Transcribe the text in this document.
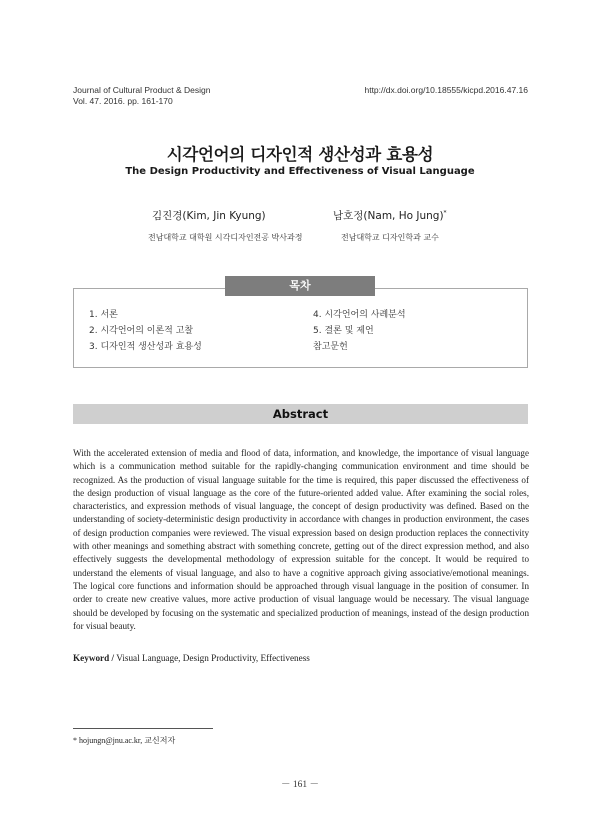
Journal of Cultural Product & Design
Vol. 47. 2016. pp. 161-170
http://dx.doi.org/10.18555/kicpd.2016.47.16
시각언어의 디자인적 생산성과 효용성
The Design Productivity and Effectiveness of Visual Language
김진경(Kim, Jin Kyung)
전남대학교 대학원 시각디자인전공 박사과정
남호정(Nam, Ho Jung)*
전남대학교 디자인학과 교수
목차
1. 서론
2. 시각언어의 이론적 고찰
3. 디자인적 생산성과 효용성
4. 시각언어의 사례분석
5. 결론 및 제언
참고문헌
Abstract
With the accelerated extension of media and flood of data, information, and knowledge, the importance of visual language which is a communication method suitable for the rapidly-changing communication environment and time should be recognized. As the production of visual language suitable for the time is required, this paper discussed the effectiveness of the design production of visual language as the core of the future-oriented added value. After examining the social roles, characteristics, and expression methods of visual language, the concept of design productivity was defined. Based on the understanding of society-deterministic design productivity in accordance with changes in production environment, the cases of design production companies were reviewed. The visual expression based on design production replaces the connectivity with other meanings and something abstract with something concrete, getting out of the direct expression method, and also effectively suggests the developmental methodology of expression suitable for the concept. It would be required to understand the elements of visual language, and also to have a cognitive approach giving associative/emotional meanings. The logical core functions and information should be approached through visual language in the position of consumer. In order to create new creative values, more active production of visual language would be necessary. The visual language should be developed by focusing on the systematic and specialized production of meanings, instead of the design production for visual beauty.
Keyword / Visual Language, Design Productivity, Effectiveness
* hojungn@jnu.ac.kr, 교신저자
－ 161 －
